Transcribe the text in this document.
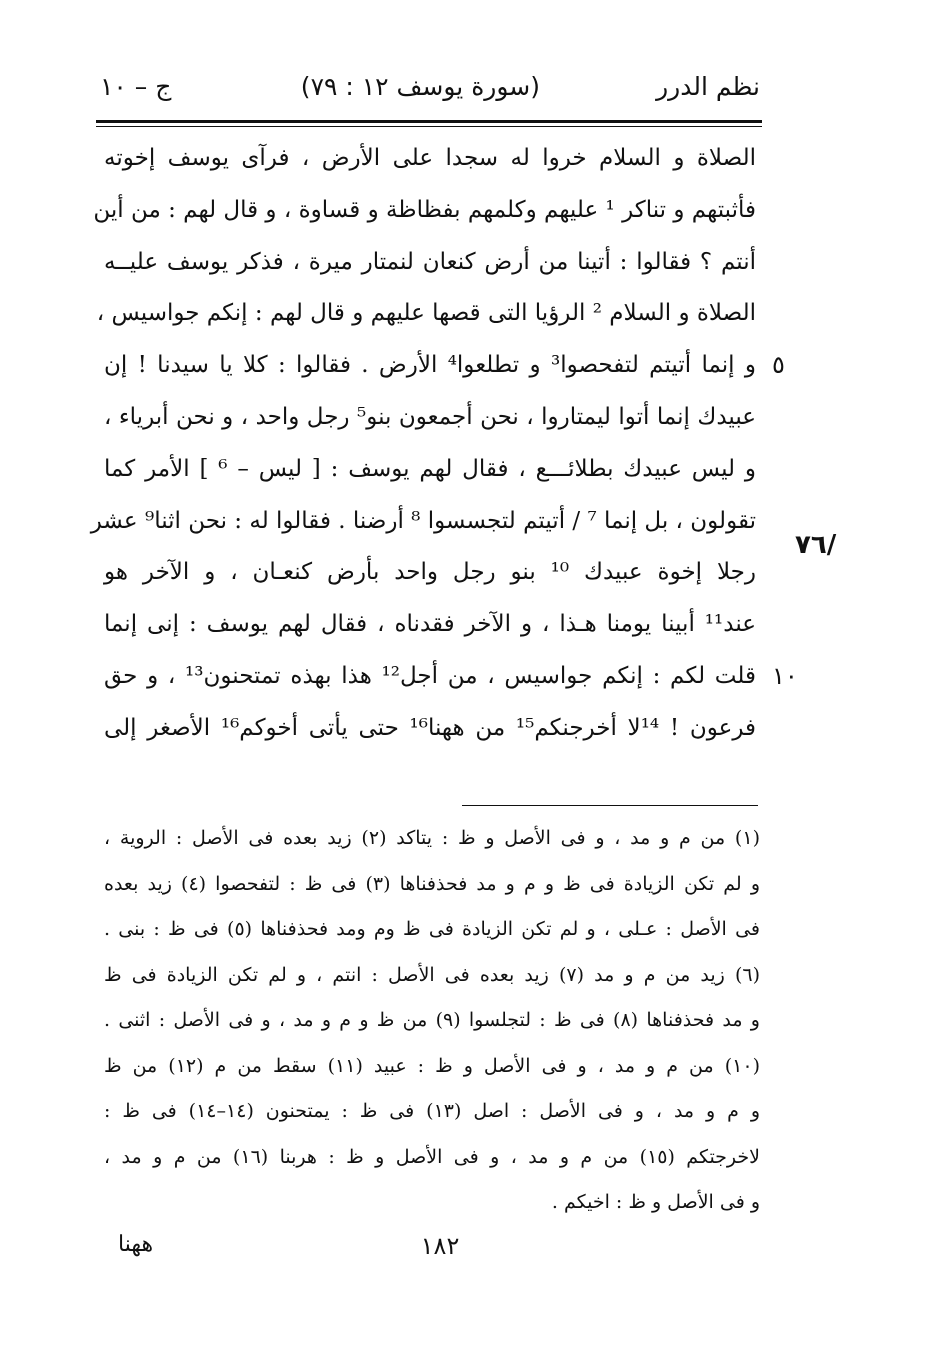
نظم الدرر
(سورة يوسف ١٢ : ٧٩)
ج – ١٠
الصلاة و السلام خروا له سجدا على الأرض ، فرآى يوسف إخوته
فأثبتهم و تناكر ¹ عليهم وكلمهم بفظاظة و قساوة ، و قال لهم : من أين
أنتم ؟ فقالوا : أتينا من أرض كنعان لنمتار ميرة ، فذكر يوسف عليــه
الصلاة و السلام ² الرؤيا التى قصها عليهم و قال لهم : إنكم جواسيس ،
و إنما أتيتم لتفحصوا³ و تطلعوا⁴ الأرض . فقالوا : كلا يا سيدنا ! إن
عبيدك إنما أتوا ليمتاروا ، نحن أجمعون بنو⁵ رجل واحد ، و نحن أبرياء ،
و ليس عبيدك بطلائـــع ، فقال لهم يوسف : [ ليس – ⁶ ] الأمر كما
تقولون ، بل إنما ⁷ / أتيتم لتجسسوا ⁸ أرضنا . فقالوا له : نحن اثنا⁹ عشر
رجلا إخوة عبيدك ¹⁰ بنو رجل واحد بأرض كنعـان ، و الآخر هو
عند¹¹ أبينا يومنا هـذا ، و الآخر فقدناه ، فقال لهم يوسف : إنى إنما
قلت لكم : إنكم جواسيس ، من أجل¹² هذا بهذه تمتحنون¹³ ، و حق
فرعون ! ¹⁴لا أخرجنكم¹⁵ من ههنا¹⁶ حتى يأتى أخوكم¹⁶ الأصغر إلى
٥
١٠
/٧٦
(١) من م و مد ، و فى الأصل و ظ : يتاكد (٢) زيد بعده فى الأصل : الروية ،
و لم تكن الزيادة فى ظ و م و مد فحذفناها (٣) فى ظ : لتفحصوا (٤) زيد بعده
فى الأصل : عـلى ، و لم تكن الزيادة فى ظ وم ومد فحذفناها (٥) فى ظ : بنى .
(٦) زيد من م و مد (٧) زيد بعده فى الأصل : انتم ، و لم تكن الزيادة فى ظ
و مد فحذفناها (٨) فى ظ : لتجلسوا (٩) من ظ و م و مد ، و فى الأصل : اثنى .
(١٠) من م و مد ، و فى الأصل و ظ : عبيد (١١) سقط من م (١٢) من ظ
و م و مد ، و فى الأصل : اصل (١٣) فى ظ : يمتحنون (١٤–١٤) فى ظ :
لاخرجتكم (١٥) من م و مد ، و فى الأصل و ظ : هربنا (١٦) من م و مد ،
و فى الأصل و ظ : اخيكم .
١٨٢
ههنا
